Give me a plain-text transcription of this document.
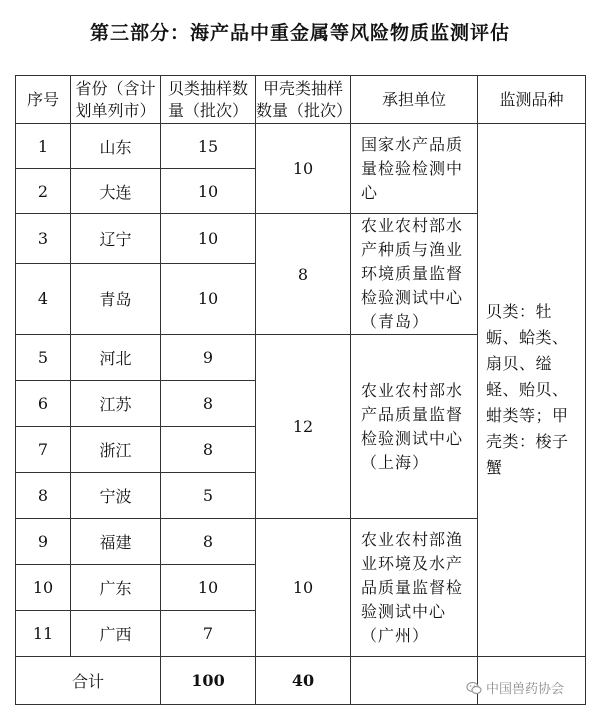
第三部分：海产品中重金属等风险物质监测评估
序号	省份（含计划单列市）	贝类抽样数量（批次）	甲壳类抽样数量（批次）	承担单位	监测品种
1	山东	15	10	国家水产品质量检验检测中心	贝类：牡蛎、蛤类、扇贝、缢蛏、贻贝、蚶类等；甲壳类：梭子蟹
2	大连	10			
3	辽宁	10	8	农业农村部水产种质与渔业环境质量监督检验测试中心（青岛）	
4	青岛	10			
5	河北	9	12	农业农村部水产品质量监督检验测试中心（上海）	
6	江苏	8			
7	浙江	8			
8	宁波	5			
9	福建	8	10	农业农村部渔业环境及水产品质量监督检验测试中心（广州）	
10	广东	10			
11	广西	7			
合计		100	40			中国兽药协会
